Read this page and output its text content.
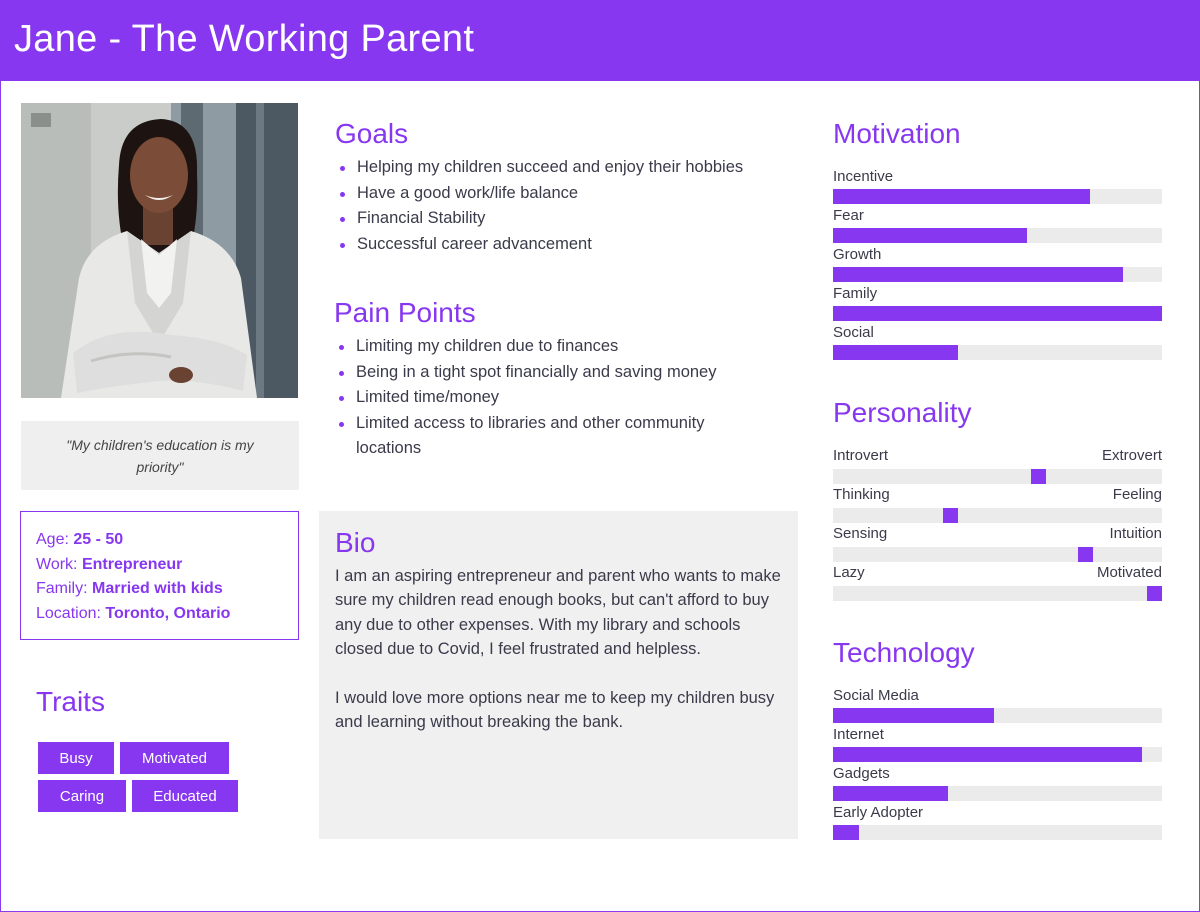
Jane - The Working Parent
"My children's education is my priority"
Age: 25 - 50
Work: Entrepreneur
Family: Married with kids
Location: Toronto, Ontario
Traits
Busy	Motivated
Caring	Educated
Goals
Helping my children succeed and enjoy their hobbies
Have a good work/life balance
Financial Stability
Successful career advancement
Pain Points
Limiting my children due to finances
Being in a tight spot financially and saving money
Limited time/money
Limited access to libraries and other community locations
Bio

I am an aspiring entrepreneur and parent who wants to make sure my children read enough books, but can't afford to buy any due to other expenses. With my library and schools closed due to Covid, I feel frustrated and helpless.

I would love more options near me to keep my children busy and learning without breaking the bank.

Motivation
Incentive
Fear
Growth
Family
Social
Personality
Introvert	Extrovert
Thinking	Feeling
Sensing	Intuition
Lazy	Motivated
Technology
Social Media
Internet
Gadgets
Early Adopter
